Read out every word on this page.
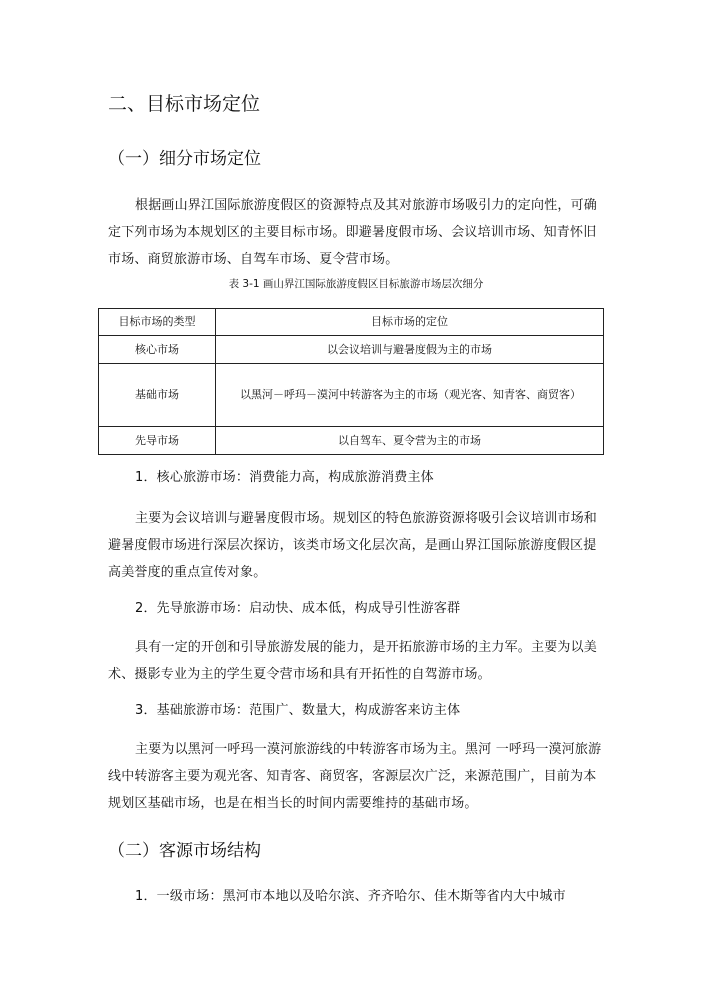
二、目标市场定位
（一）细分市场定位

根据画山界江国际旅游度假区的资源特点及其对旅游市场吸引力的定向性，可确定下列市场为本规划区的主要目标市场。即避暑度假市场、会议培训市场、知青怀旧市场、商贸旅游市场、自驾车市场、夏令营市场。

表 3-1 画山界江国际旅游度假区目标旅游市场层次细分
目标市场的类型	目标市场的定位
核心市场	以会议培训与避暑度假为主的市场
基础市场	以黑河－呼玛－漠河中转游客为主的市场（观光客、知青客、商贸客）
先导市场	以自驾车、夏令营为主的市场

1．核心旅游市场：消费能力高，构成旅游消费主体

主要为会议培训与避暑度假市场。规划区的特色旅游资源将吸引会议培训市场和避暑度假市场进行深层次探访，该类市场文化层次高，是画山界江国际旅游度假区提高美誉度的重点宣传对象。

2．先导旅游市场：启动快、成本低，构成导引性游客群

具有一定的开创和引导旅游发展的能力，是开拓旅游市场的主力军。主要为以美术、摄影专业为主的学生夏令营市场和具有开拓性的自驾游市场。

3．基础旅游市场：范围广、数量大，构成游客来访主体

主要为以黑河一呼玛一漠河旅游线的中转游客市场为主。黑河 一呼玛一漠河旅游线中转游客主要为观光客、知青客、商贸客，客源层次广泛，来源范围广，目前为本规划区基础市场，也是在相当长的时间内需要维持的基础市场。

（二）客源市场结构

1．一级市场：黑河市本地以及哈尔滨、齐齐哈尔、佳木斯等省内大中城市
